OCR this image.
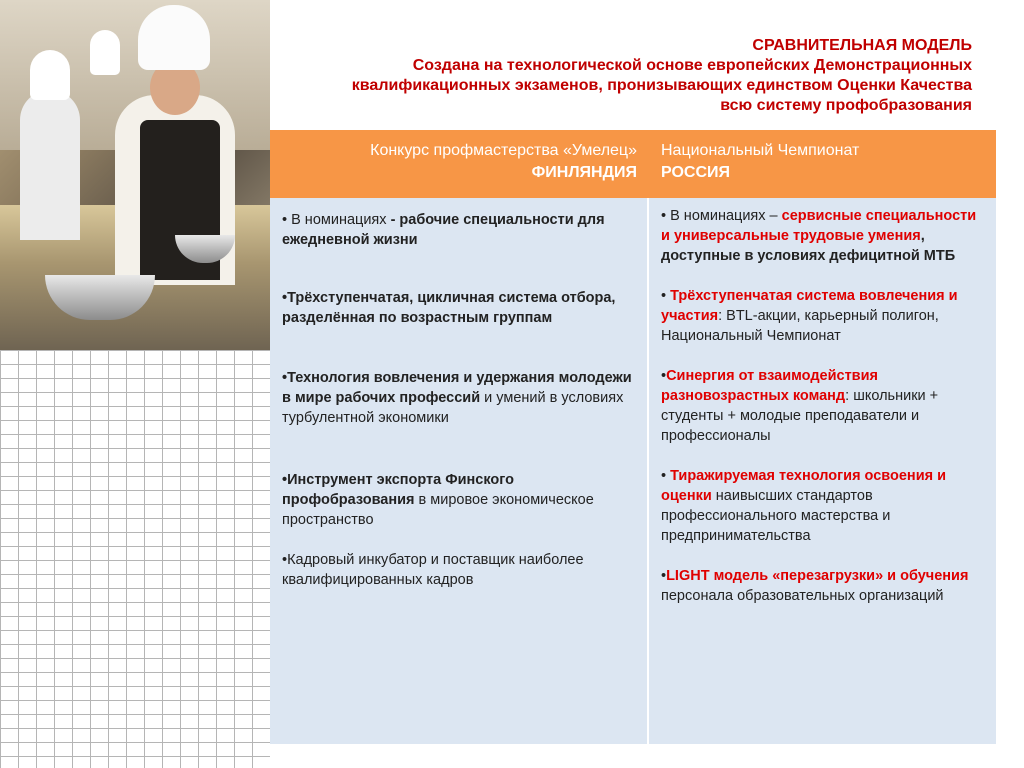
СРАВНИТЕЛЬНАЯ МОДЕЛЬ
Создана на технологической основе европейских Демонстрационных
квалификационных экзаменов, пронизывающих единством Оценки Качества
всю систему профобразования
Конкурс профмастерства «Умелец»
ФИНЛЯНДИЯ
Национальный Чемпионат
РОССИЯ

• В номинациях - рабочие специальности для ежедневной жизни

•Трёхступенчатая, цикличная система отбора, разделённая по возрастным группам

•Технология вовлечения и удержания молодежи в мире рабочих профессий и умений в условиях турбулентной экономики

•Инструмент экспорта Финского профобразования в мировое экономическое пространство

•Кадровый инкубатор и поставщик наиболее квалифицированных кадров

• В номинациях – сервисные специальности и универсальные трудовые умения, доступные в условиях дефицитной МТБ

• Трёхступенчатая система вовлечения и участия: BTL-акции, карьерный полигон, Национальный Чемпионат

•Синергия от взаимодействия разновозрастных команд: школьники + студенты + молодые преподаватели и профессионалы

• Тиражируемая технология освоения и оценки наивысших стандартов профессионального мастерства и предпринимательства

•LIGHT модель «перезагрузки» и обучения персонала образовательных организаций
